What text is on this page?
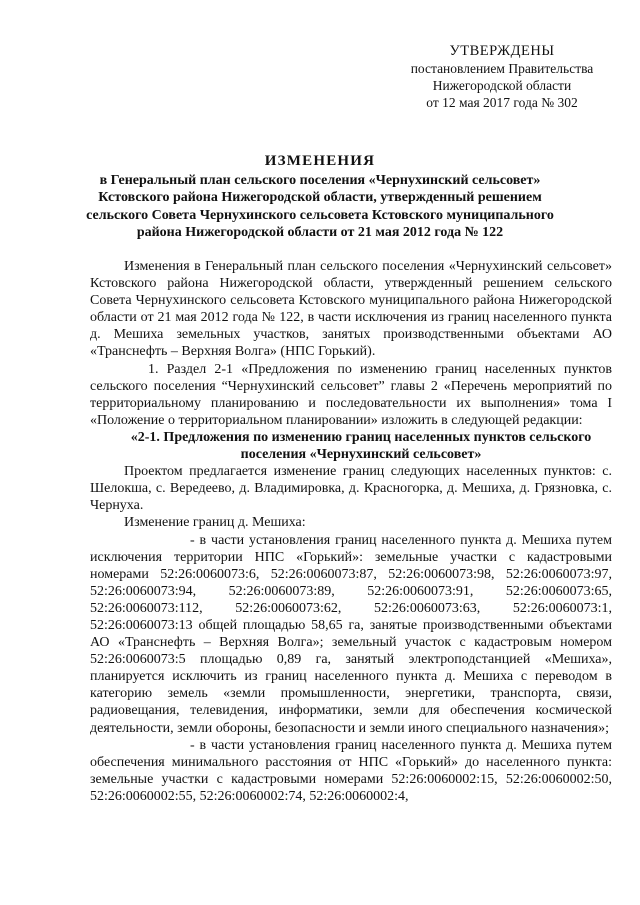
УТВЕРЖДЕНЫ
постановлением Правительства
Нижегородской области
от 12 мая 2017 года № 302
ИЗМЕНЕНИЯ
в Генеральный план сельского поселения «Чернухинский сельсовет» Кстовского района Нижегородской области, утвержденный решением сельского Совета Чернухинского сельсовета Кстовского муниципального района Нижегородской области от 21 мая 2012 года № 122

Изменения в Генеральный план сельского поселения «Чернухинский сельсовет» Кстовского района Нижегородской области, утвержденный решением сельского Совета Чернухинского сельсовета Кстовского муниципального района Нижегородской области от 21 мая 2012 года № 122, в части исключения из границ населенного пункта д. Мешиха земельных участков, занятых производственными объектами АО «Транснефть – Верхняя Волга» (НПС Горький).

1. Раздел 2-1 «Предложения по изменению границ населенных пунктов сельского поселения “Чернухинский сельсовет” главы 2 «Перечень мероприятий по территориальному планированию и последовательности их выполнения» тома I «Положение о территориальном планировании» изложить в следующей редакции:

«2-1. Предложения по изменению границ населенных пунктов сельского поселения «Чернухинский сельсовет»

Проектом предлагается изменение границ следующих населенных пунктов: с. Шелокша, с. Вередеево, д. Владимировка, д. Красногорка, д. Мешиха, д. Грязновка, с. Чернуха.

Изменение границ д. Мешиха:

- в части установления границ населенного пункта д. Мешиха путем исключения территории НПС «Горький»: земельные участки с кадастровыми номерами 52:26:0060073:6, 52:26:0060073:87, 52:26:0060073:98, 52:26:0060073:97, 52:26:0060073:94, 52:26:0060073:89, 52:26:0060073:91, 52:26:0060073:65, 52:26:0060073:112, 52:26:0060073:62, 52:26:0060073:63, 52:26:0060073:1, 52:26:0060073:13 общей площадью 58,65 га, занятые производственными объектами АО «Транснефть – Верхняя Волга»; земельный участок с кадастровым номером 52:26:0060073:5 площадью 0,89 га, занятый электроподстанцией «Мешиха», планируется исключить из границ населенного пункта д. Мешиха с переводом в категорию земель «земли промышленности, энергетики, транспорта, связи, радиовещания, телевидения, информатики, земли для обеспечения космической деятельности, земли обороны, безопасности и земли иного специального назначения»;

- в части установления границ населенного пункта д. Мешиха путем обеспечения минимального расстояния от НПС «Горький» до населенного пункта: земельные участки с кадастровыми номерами 52:26:0060002:15, 52:26:0060002:50, 52:26:0060002:55, 52:26:0060002:74, 52:26:0060002:4,
